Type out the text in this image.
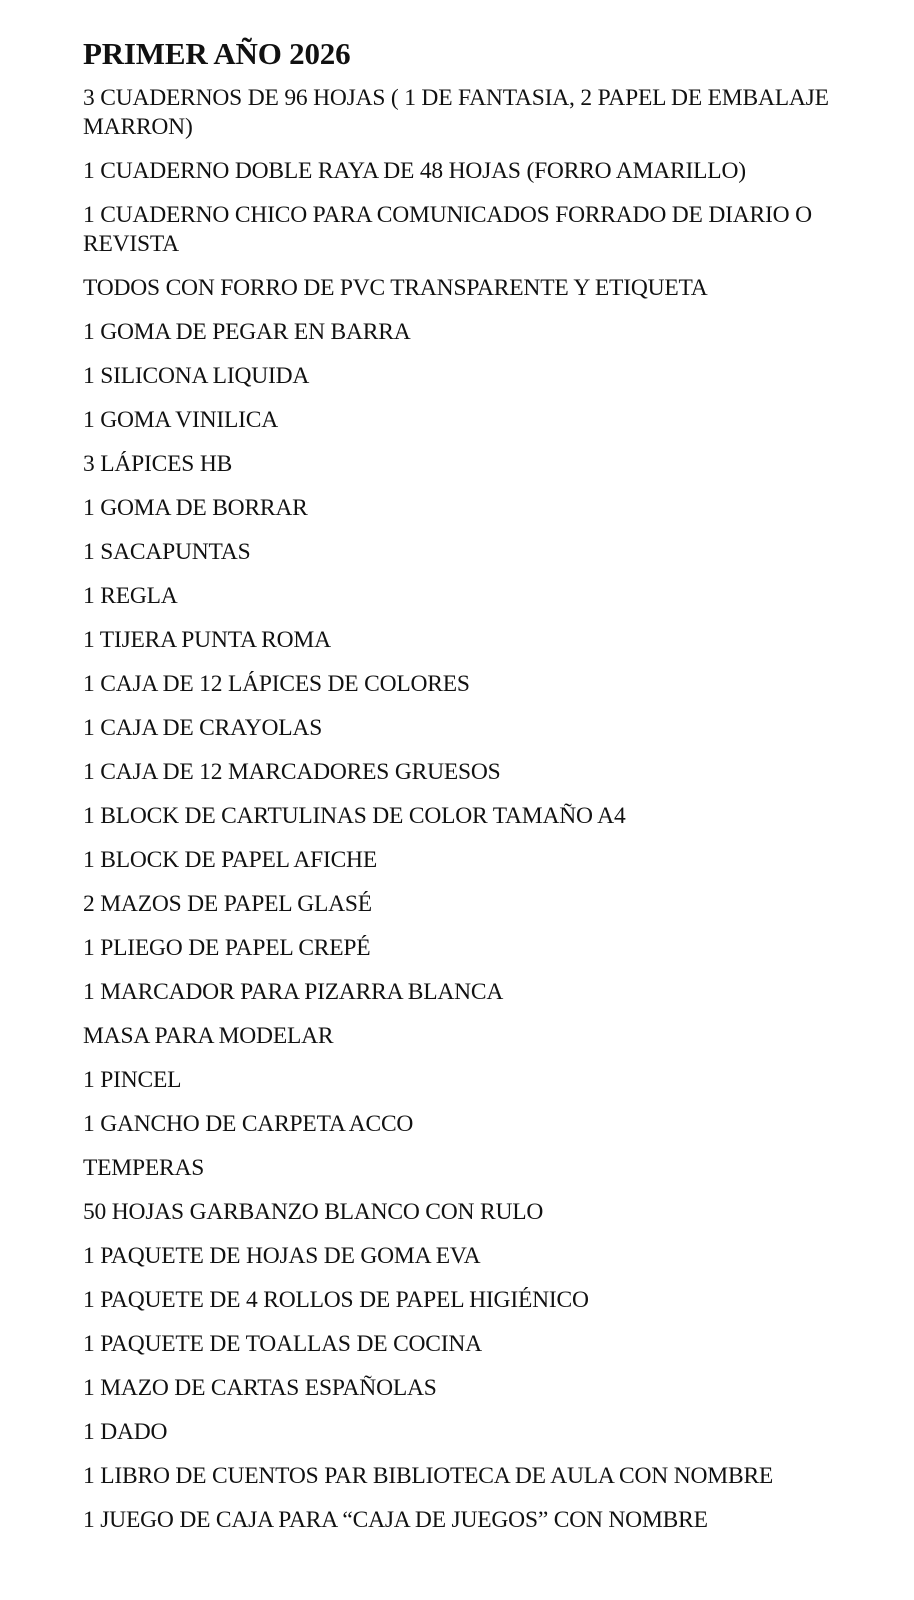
PRIMER AÑO 2026

3 CUADERNOS DE 96 HOJAS ( 1 DE FANTASIA, 2 PAPEL DE EMBALAJE MARRON)

1 CUADERNO DOBLE RAYA DE 48 HOJAS (FORRO AMARILLO)

1 CUADERNO CHICO PARA COMUNICADOS FORRADO DE DIARIO O REVISTA

TODOS CON FORRO DE PVC TRANSPARENTE Y ETIQUETA

1 GOMA DE PEGAR EN BARRA

1 SILICONA LIQUIDA

1 GOMA VINILICA

3 LÁPICES HB

1 GOMA DE BORRAR

1 SACAPUNTAS

1 REGLA

1 TIJERA PUNTA ROMA

1 CAJA DE 12 LÁPICES DE COLORES

1 CAJA DE CRAYOLAS

1 CAJA DE 12 MARCADORES GRUESOS

1 BLOCK DE CARTULINAS DE COLOR TAMAÑO A4

1 BLOCK DE PAPEL AFICHE

2 MAZOS DE PAPEL GLASÉ

1 PLIEGO DE PAPEL CREPÉ

1 MARCADOR PARA PIZARRA BLANCA

MASA PARA MODELAR

1 PINCEL

1 GANCHO DE CARPETA ACCO

TEMPERAS

50 HOJAS GARBANZO BLANCO CON RULO

1 PAQUETE DE HOJAS DE GOMA EVA

1 PAQUETE DE 4 ROLLOS DE PAPEL HIGIÉNICO

1 PAQUETE DE TOALLAS DE COCINA

1 MAZO DE CARTAS ESPAÑOLAS

1 DADO

1 LIBRO DE CUENTOS PAR BIBLIOTECA DE AULA CON NOMBRE

1 JUEGO DE CAJA PARA “CAJA DE JUEGOS” CON NOMBRE
